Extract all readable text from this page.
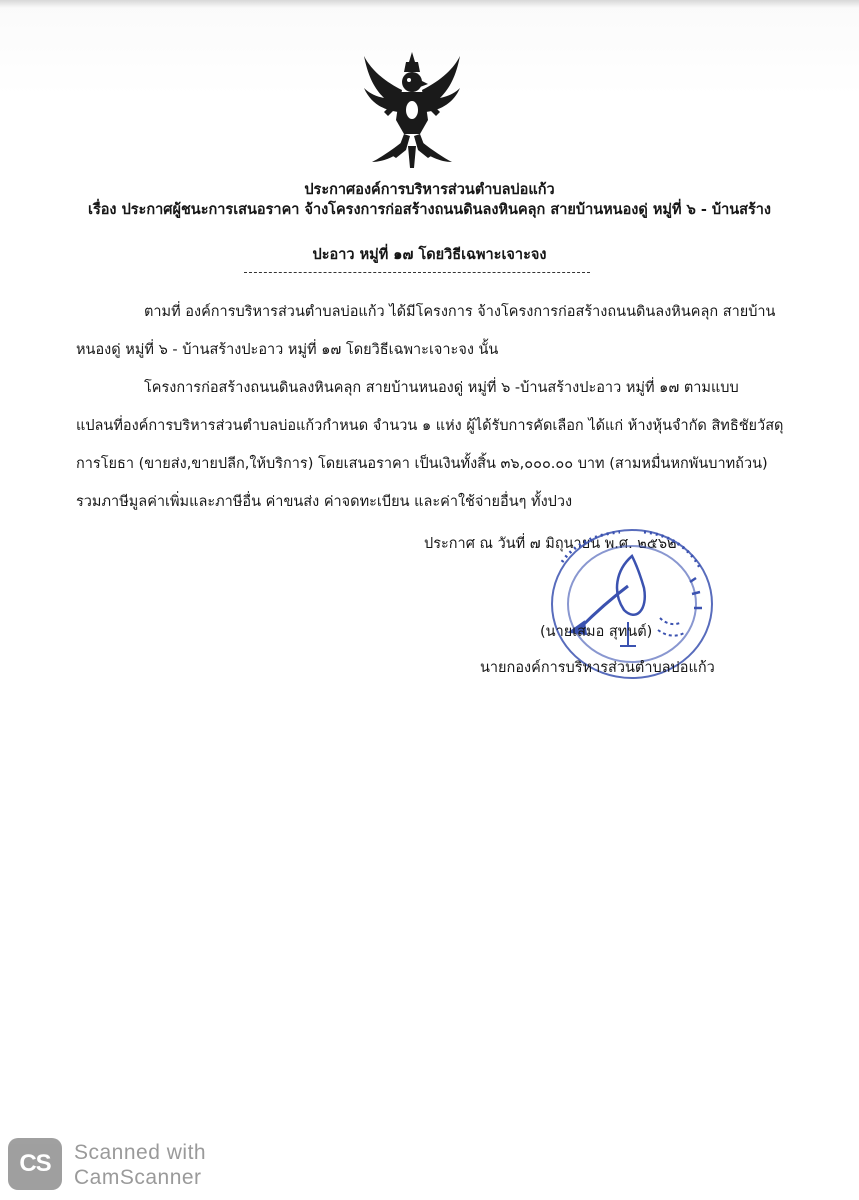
ประกาศองค์การบริหารส่วนตำบลบ่อแก้ว
เรื่อง ประกาศผู้ชนะการเสนอราคา จ้างโครงการก่อสร้างถนนดินลงหินคลุก สายบ้านหนองดู่ หมู่ที่ ๖ - บ้านสร้าง
ปะอาว หมู่ที่ ๑๗ โดยวิธีเฉพาะเจาะจง
ตามที่ องค์การบริหารส่วนตำบลบ่อแก้ว ได้มีโครงการ จ้างโครงการก่อสร้างถนนดินลงหินคลุก สายบ้าน
หนองดู่ หมู่ที่ ๖ - บ้านสร้างปะอาว หมู่ที่ ๑๗ โดยวิธีเฉพาะเจาะจง นั้น
โครงการก่อสร้างถนนดินลงหินคลุก สายบ้านหนองดู่ หมู่ที่ ๖ -บ้านสร้างปะอาว หมู่ที่ ๑๗ ตามแบบ
แปลนที่องค์การบริหารส่วนตำบลบ่อแก้วกำหนด จำนวน ๑ แห่ง ผู้ได้รับการคัดเลือก ได้แก่ ห้างหุ้นจำกัด สิทธิชัยวัสดุ
การโยธา (ขายส่ง,ขายปลีก,ให้บริการ) โดยเสนอราคา เป็นเงินทั้งสิ้น ๓๖,๐๐๐.๐๐ บาท (สามหมื่นหกพันบาทถ้วน)
รวมภาษีมูลค่าเพิ่มและภาษีอื่น ค่าขนส่ง ค่าจดทะเบียน และค่าใช้จ่ายอื่นๆ ทั้งปวง
ประกาศ ณ วันที่ ๗ มิถุนายน พ.ศ. ๒๕๖๒
(นายเสมอ สุทนต์)
นายกองค์การบริหารส่วนตำบลบ่อแก้ว
CS	Scanned with
CamScanner
